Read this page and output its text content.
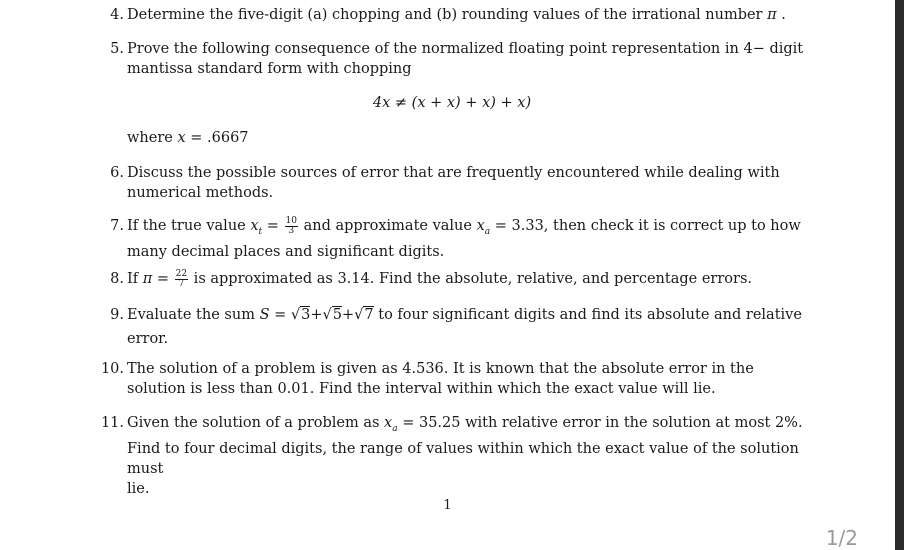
4. Determine the five-digit (a) chopping and (b) rounding values of the irrational number π .
5. Prove the following consequence of the normalized floating point representation in 4− digit
mantissa standard form with chopping
4x ≠ (x + x) + x) + x)
where x = .6667
6. Discuss the possible sources of error that are frequently encountered while dealing with numerical methods.
7. If the true value $x_t = \frac{10}{3}$ and approximate value $x_a = 3.33$, then check it is correct up to how
many decimal places and significant digits.
8. If $\pi = \frac{22}{7}$ is approximated as 3.14. Find the absolute, relative, and percentage errors.
9. Evaluate the sum S = √3+√5+√7 to four significant digits and find its absolute and relative
error.
10. The solution of a problem is given as 4.536. It is known that the absolute error in the solution is less than 0.01. Find the interval within which the exact value will lie.
11. Given the solution of a problem as $x_a = 35.25$ with relative error in the solution at most 2%.
Find to four decimal digits, the range of values within which the exact value of the solution must
lie.
1
1/2
